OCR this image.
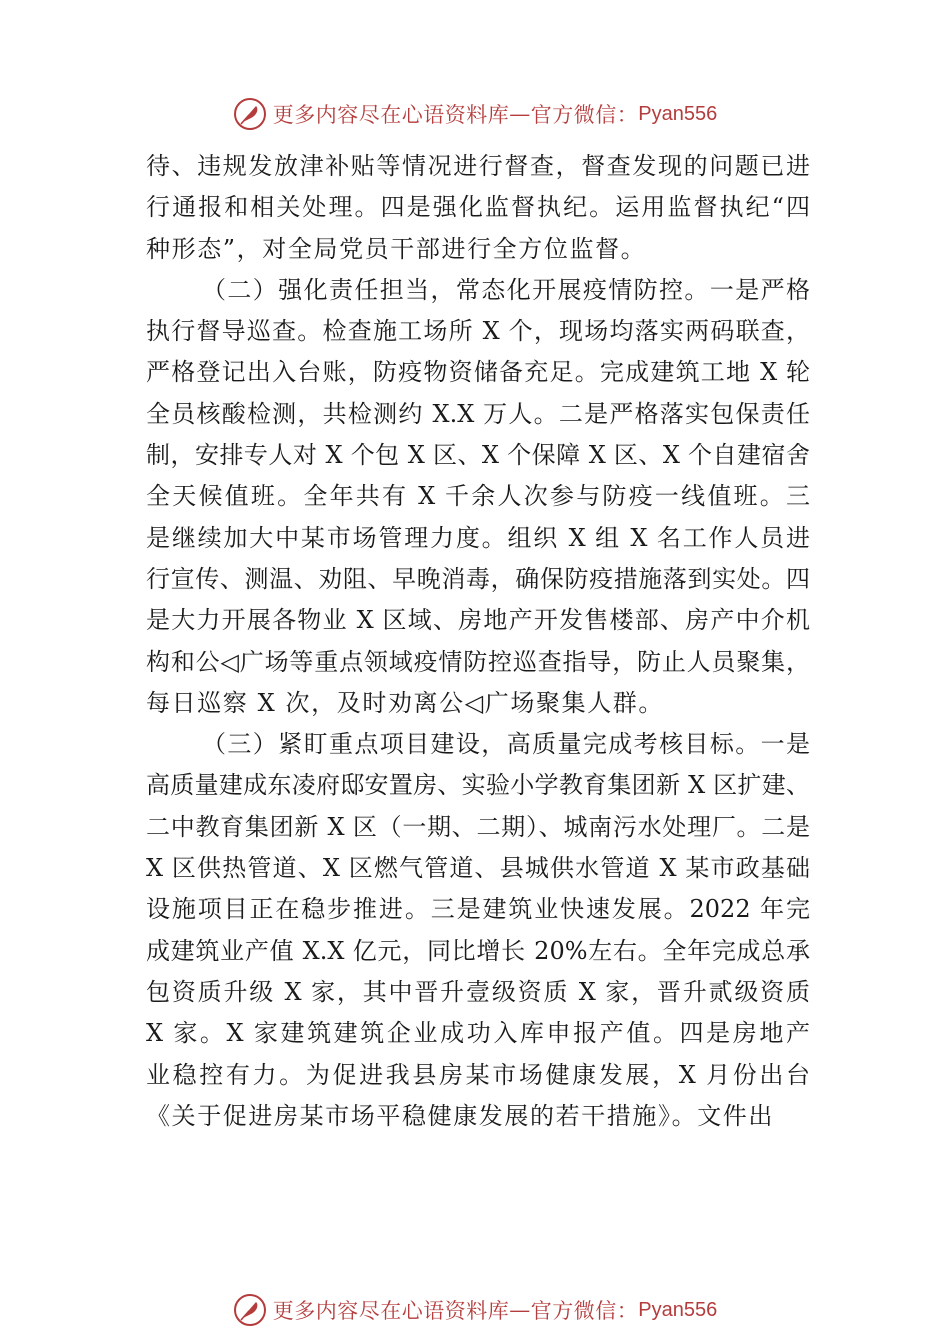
更多内容尽在心语资料库 — 官方微信： Pyan556
待、违规发放津补贴等情况进行督查，督查发现的问题已进
行通报和相关处理。四是强化监督执纪。运用监督执纪“四
种形态”，对全局党员干部进行全方位监督。
（二）强化责任担当，常态化开展疫情防控。一是严格
执行督导巡查。检查施工场所 X 个，现场均落实两码联查，
严格登记出入台账，防疫物资储备充足。完成建筑工地 X 轮
全员核酸检测，共检测约 X.X 万人。二是严格落实包保责任
制，安排专人对 X 个包 X 区、X 个保障 X 区、X 个自建宿舍
全天候值班。全年共有 X 千余人次参与防疫一线值班。三
是继续加大中某市场管理力度。组织 X 组 X 名工作人员进
行宣传、测温、劝阻、早晚消毒，确保防疫措施落到实处。四
是大力开展各物业 X 区域、房地产开发售楼部、房产中介机
构和公◁广场等重点领域疫情防控巡查指导，防止人员聚集，
每日巡察 X 次，及时劝离公◁广场聚集人群。
（三）紧盯重点项目建设，高质量完成考核目标。一是
高质量建成东凌府邸安置房、实验小学教育集团新 X 区扩建、
二中教育集团新 X 区（一期、二期）、城南污水处理厂。二是
X 区供热管道、X 区燃气管道、县城供水管道 X 某市政基础
设施项目正在稳步推进。三是建筑业快速发展。2022 年完
成建筑业产值 X.X 亿元，同比增长 20%左右。全年完成总承
包资质升级 X 家，其中晋升壹级资质 X 家，晋升贰级资质
X 家。X 家建筑建筑企业成功入库申报产值。四是房地产
业稳控有力。为促进我县房某市场健康发展，X 月份出台
《关于促进房某市场平稳健康发展的若干措施》。文件出
更多内容尽在心语资料库 — 官方微信： Pyan556
